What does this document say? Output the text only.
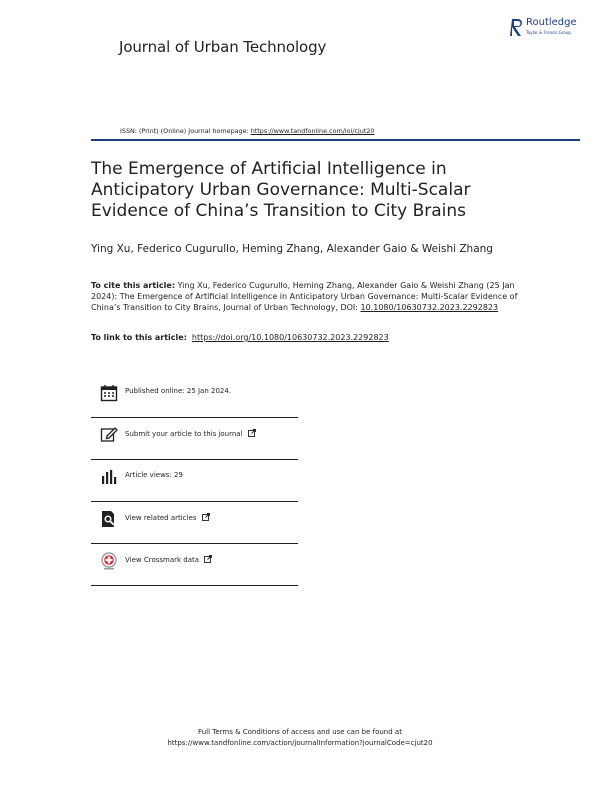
Journal of Urban Technology
Routledge
Taylor & Francis Group
ISSN: (Print) (Online) Journal homepage: https://www.tandfonline.com/loi/cjut20
The Emergence of Artificial Intelligence in Anticipatory Urban Governance: Multi-Scalar Evidence of China’s Transition to City Brains
Ying Xu, Federico Cugurullo, Heming Zhang, Alexander Gaio & Weishi Zhang
To cite this article: Ying Xu, Federico Cugurullo, Heming Zhang, Alexander Gaio & Weishi Zhang (25 Jan 2024): The Emergence of Artificial Intelligence in Anticipatory Urban Governance: Multi-Scalar Evidence of China’s Transition to City Brains, Journal of Urban Technology, DOI: 10.1080/10630732.2023.2292823
To link to this article: https://doi.org/10.1080/10630732.2023.2292823
Published online: 25 Jan 2024.
Submit your article to this journal
Article views: 29
View related articles
View Crossmark data
Full Terms & Conditions of access and use can be found at
https://www.tandfonline.com/action/journalInformation?journalCode=cjut20
